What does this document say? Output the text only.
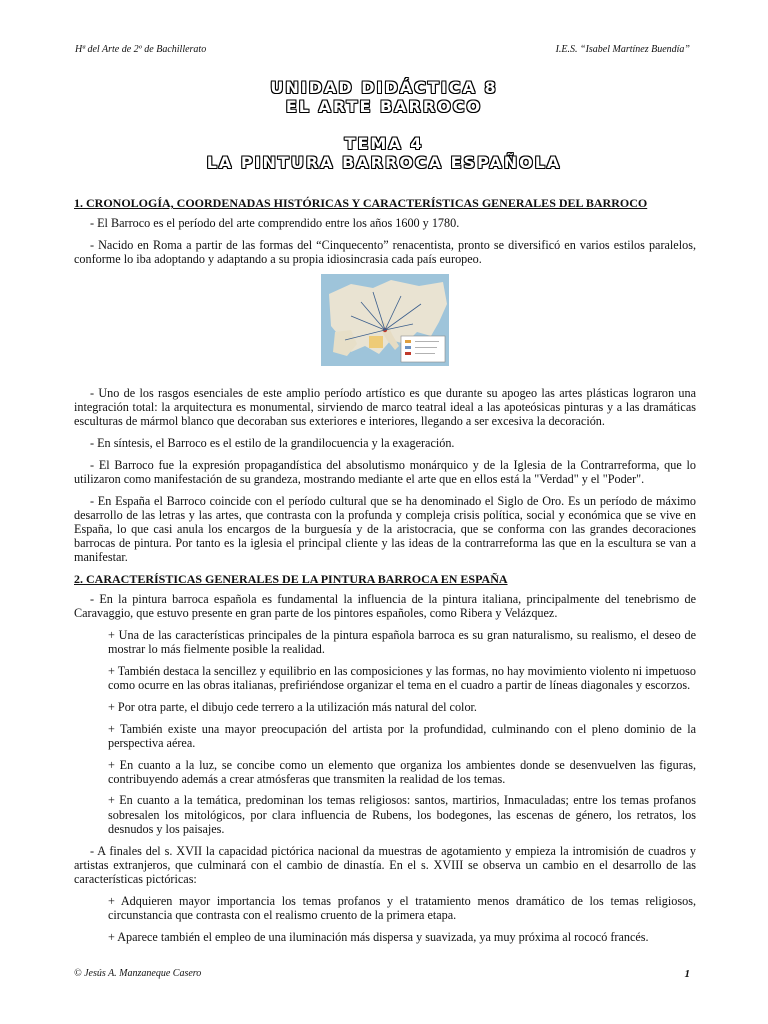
Hª del Arte de 2º de Bachillerato	I.E.S. “Isabel Martínez Buendía”
UNIDAD DIDÁCTICA 8
EL ARTE BARROCO
TEMA 4
LA PINTURA BARROCA ESPAÑOLA
1. CRONOLOGÍA, COORDENADAS HISTÓRICAS Y CARACTERÍSTICAS GENERALES DEL BARROCO

- El Barroco es el período del arte comprendido entre los años 1600 y 1780.

- Nacido en Roma a partir de las formas del “Cinquecento” renacentista, pronto se diversificó en varios estilos paralelos, conforme lo iba adoptando y adaptando a su propia idiosincrasia cada país europeo.

- Uno de los rasgos esenciales de este amplio período artístico es que durante su apogeo las artes plásticas lograron una integración total: la arquitectura es monumental, sirviendo de marco teatral ideal a las apoteósicas pinturas y a las dramáticas esculturas de mármol blanco que decoraban sus exteriores e interiores, llegando a ser excesiva la decoración.

- En síntesis, el Barroco es el estilo de la grandilocuencia y la exageración.

- El Barroco fue la expresión propagandística del absolutismo monárquico y de la Iglesia de la Contrarreforma, que lo utilizaron como manifestación de su grandeza, mostrando mediante el arte que en ellos está la "Verdad" y el "Poder".

- En España el Barroco coincide con el período cultural que se ha denominado el Siglo de Oro. Es un período de máximo desarrollo de las letras y las artes, que contrasta con la profunda y compleja crisis política, social y económica que se vive en España, lo que casi anula los encargos de la burguesía y de la aristocracia, que se conforma con las grandes decoraciones barrocas de pintura. Por tanto es la iglesia el principal cliente y las ideas de la contrarreforma las que en la escultura se van a manifestar.

2. CARACTERÍSTICAS GENERALES DE LA PINTURA BARROCA EN ESPAÑA

- En la pintura barroca española es fundamental la influencia de la pintura italiana, principalmente del tenebrismo de Caravaggio, que estuvo presente en gran parte de los pintores españoles, como Ribera y Velázquez.

+ Una de las características principales de la pintura española barroca es su gran naturalismo, su realismo, el deseo de mostrar lo más fielmente posible la realidad.

+ También destaca la sencillez y equilibrio en las composiciones y las formas, no hay movimiento violento ni impetuoso como ocurre en las obras italianas, prefiriéndose organizar el tema en el cuadro a partir de líneas diagonales y escorzos.

+ Por otra parte, el dibujo cede terrero a la utilización más natural del color.

+ También existe una mayor preocupación del artista por la profundidad, culminando con el pleno dominio de la perspectiva aérea.

+ En cuanto a la luz, se concibe como un elemento que organiza los ambientes donde se desenvuelven las figuras, contribuyendo además a crear atmósferas que transmiten la realidad de los temas.

+ En cuanto a la temática, predominan los temas religiosos: santos, martirios, Inmaculadas; entre los temas profanos sobresalen los mitológicos, por clara influencia de Rubens, los bodegones, las escenas de género, los retratos, los desnudos y los paisajes.

- A finales del s. XVII la capacidad pictórica nacional da muestras de agotamiento y empieza la intromisión de cuadros y artistas extranjeros, que culminará con el cambio de dinastía. En el s. XVIII se observa un cambio en el desarrollo de las características pictóricas:

+ Adquieren mayor importancia los temas profanos y el tratamiento menos dramático de los temas religiosos, circunstancia que contrasta con el realismo cruento de la primera etapa.

+ Aparece también el empleo de una iluminación más dispersa y suavizada, ya muy próxima al rococó francés.

© Jesús A. Manzaneque Casero	1
